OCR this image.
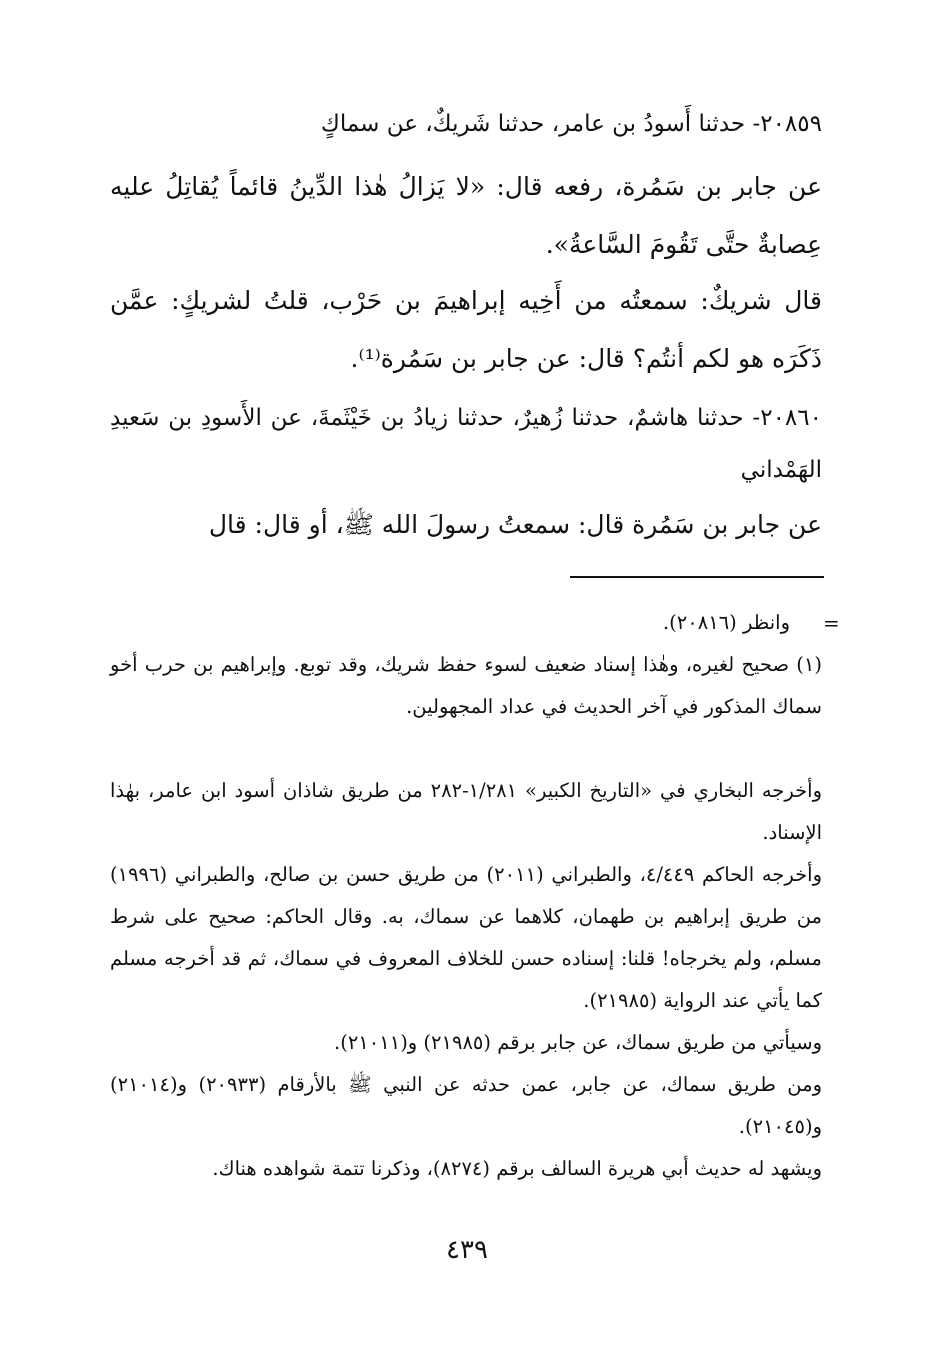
٢٠٨٥٩- حدثنا أَسودُ بن عامر، حدثنا شَريكٌ، عن سماكٍ
عن جابر بن سَمُرة، رفعه قال: «لا يَزالُ هٰذا الدِّينُ قائماً يُقاتِلُ عليه عِصابةٌ حتَّى تَقُومَ السَّاعةُ».
قال شريكٌ: سمعتُه من أَخِيه إبراهيمَ بن حَرْب، قلتُ لشريكٍ: عمَّن ذَكَرَه هو لكم أنتُم؟ قال: عن جابر بن سَمُرة⁽¹⁾.
٢٠٨٦٠- حدثنا هاشمٌ، حدثنا زُهيرٌ، حدثنا زيادُ بن خَيْثَمةَ، عن الأَسودِ بن سَعيدِ الهَمْداني
عن جابر بن سَمُرة قال: سمعتُ رسولَ الله ﷺ، أو قال: قال
=
وانظر (٢٠٨١٦).
(١) صحيح لغيره، وهٰذا إسناد ضعيف لسوء حفظ شريك، وقد توبع. وإبراهيم بن حرب أخو سماك المذكور في آخر الحديث في عداد المجهولين.
وأخرجه البخاري في «التاريخ الكبير» ١/٢٨١-٢٨٢ من طريق شاذان أسود ابن عامر، بهٰذا الإسناد.
وأخرجه الحاكم ٤/٤٤٩، والطبراني (٢٠١١) من طريق حسن بن صالح، والطبراني (١٩٩٦) من طريق إبراهيم بن طهمان، كلاهما عن سماك، به. وقال الحاكم: صحيح على شرط مسلم، ولم يخرجاه! قلنا: إسناده حسن للخلاف المعروف في سماك، ثم قد أخرجه مسلم كما يأتي عند الرواية (٢١٩٨٥).
وسيأتي من طريق سماك، عن جابر برقم (٢١٩٨٥) و(٢١٠١١).
ومن طريق سماك، عن جابر، عمن حدثه عن النبي ﷺ بالأرقام (٢٠٩٣٣) و(٢١٠١٤) و(٢١٠٤٥).
ويشهد له حديث أبي هريرة السالف برقم (٨٢٧٤)، وذكرنا تتمة شواهده هناك.
٤٣٩
